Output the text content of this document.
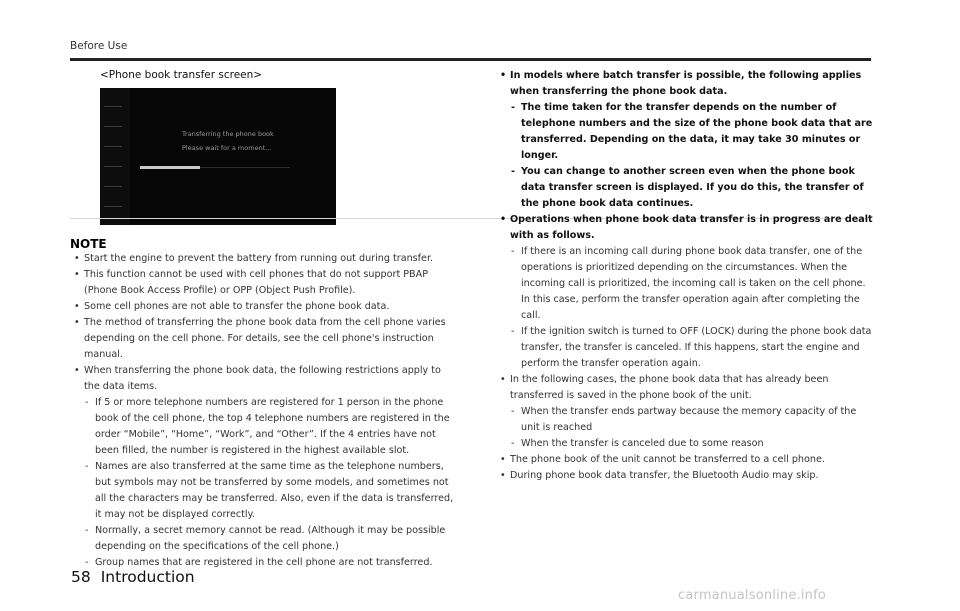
Before Use
<Phone book transfer screen>
Transferring the phone book
Please wait for a moment...
NOTE
• Start the engine to prevent the battery from running out during transfer.
• This function cannot be used with cell phones that do not support PBAP (Phone Book Access Profile) or OPP (Object Push Profile).
• Some cell phones are not able to transfer the phone book data.
• The method of transferring the phone book data from the cell phone varies depending on the cell phone. For details, see the cell phone's instruction manual.
• When transferring the phone book data, the following restrictions apply to the data items.
- If 5 or more telephone numbers are registered for 1 person in the phone book of the cell phone, the top 4 telephone numbers are registered in the order “Mobile”, “Home”, “Work”, and “Other”. If the 4 entries have not been filled, the number is registered in the highest available slot.
- Names are also transferred at the same time as the telephone numbers, but symbols may not be transferred by some models, and sometimes not all the characters may be transferred. Also, even if the data is transferred, it may not be displayed correctly.
- Normally, a secret memory cannot be read. (Although it may be possible depending on the specifications of the cell phone.)
- Group names that are registered in the cell phone are not transferred.
• In models where batch transfer is possible, the following applies when transferring the phone book data.
- The time taken for the transfer depends on the number of telephone numbers and the size of the phone book data that are transferred. Depending on the data, it may take 30 minutes or longer.
- You can change to another screen even when the phone book data transfer screen is displayed. If you do this, the transfer of the phone book data continues.
• Operations when phone book data transfer is in progress are dealt with as follows.
- If there is an incoming call during phone book data transfer, one of the operations is prioritized depending on the circumstances. When the incoming call is prioritized, the incoming call is taken on the cell phone. In this case, perform the transfer operation again after completing the call.
- If the ignition switch is turned to OFF (LOCK) during the phone book data transfer, the transfer is canceled. If this happens, start the engine and perform the transfer operation again.
• In the following cases, the phone book data that has already been transferred is saved in the phone book of the unit.
- When the transfer ends partway because the memory capacity of the unit is reached
- When the transfer is canceled due to some reason
• The phone book of the unit cannot be transferred to a cell phone.
• During phone book data transfer, the Bluetooth Audio may skip.
58 Introduction
carmanualsonline.info
